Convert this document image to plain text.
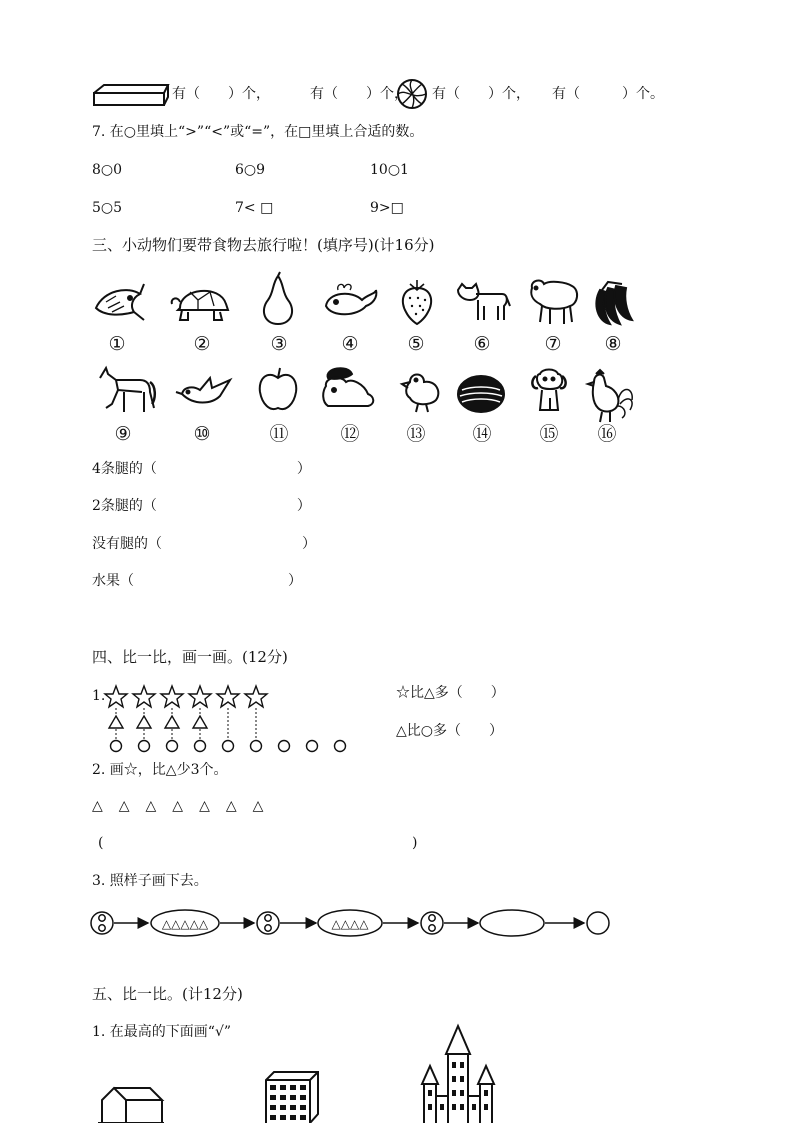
有（　　）个，	有（　　）个， 有（　　）个， 有（　　　）个。
7. 在○里填上“>”“<”或“=”，在□里填上合适的数。
8○0	6○9	10○1
5○5	7< □	9>□
三、小动物们要带食物去旅行啦！(填序号)(计16分)
①	②	③	④	⑤	⑥	⑦	⑧
⑨	⑩	⑪	⑫ ⑬ ⑭	⑮ ⑯
4条腿的（　　　　　　　　　　）
2条腿的（　　　　　　　　　　）
没有腿的（　　　　　　　　　　）
水果（　　　　　　　　　　　）
四、比一比，画一画。(12分)
1.	☆比△多（　　）
△比○多（　　）
2. 画☆，比△少3个。
△　△　△　△　△　△　△
(	)
3. 照样子画下去。
△△△△△	△△△△
五、比一比。(计12分)
1. 在最高的下面画“√”
